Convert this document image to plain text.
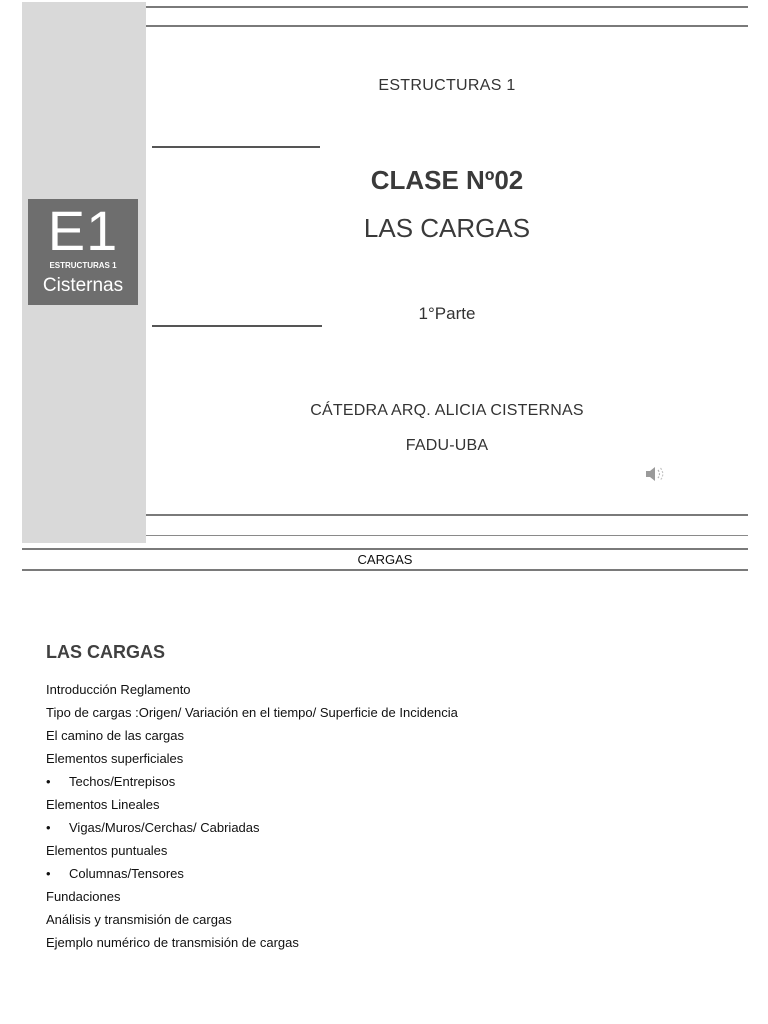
E1
ESTRUCTURAS 1
Cisternas
ESTRUCTURAS 1
CLASE Nº02
LAS CARGAS
1°Parte
CÁTEDRA ARQ. ALICIA CISTERNAS
FADU-UBA
CARGAS
LAS CARGAS
Introducción Reglamento
Tipo de cargas :Origen/ Variación en el tiempo/ Superficie de Incidencia
El camino de las cargas
Elementos superficiales
• Techos/Entrepisos
Elementos Lineales
• Vigas/Muros/Cerchas/ Cabriadas
Elementos puntuales
• Columnas/Tensores
Fundaciones
Análisis y transmisión de cargas
Ejemplo numérico de transmisión de cargas
